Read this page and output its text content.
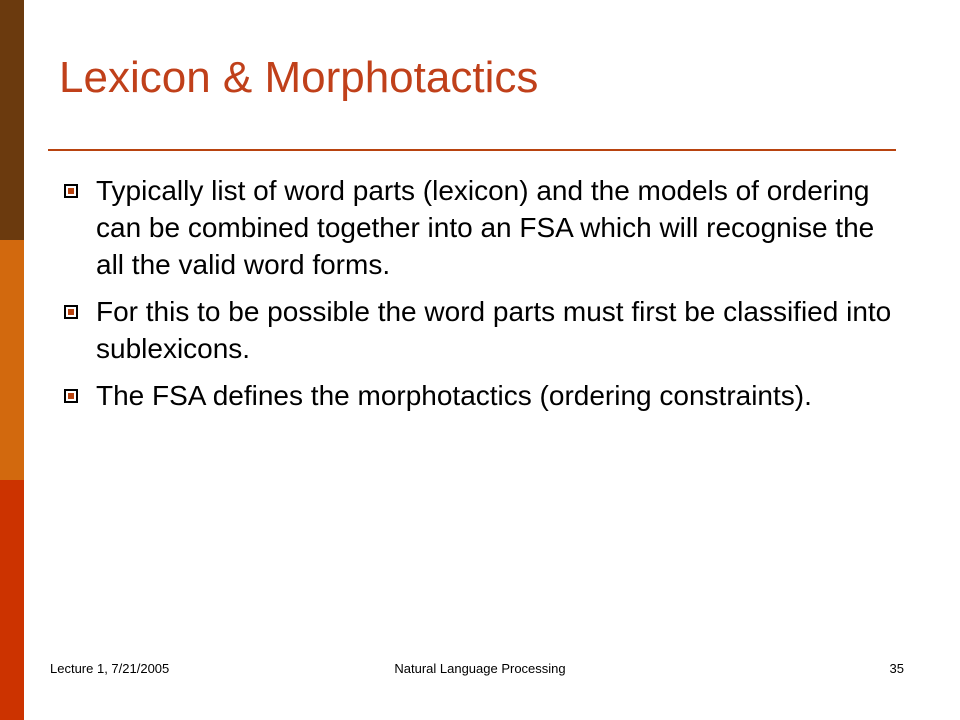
Lexicon & Morphotactics
Typically list of word parts (lexicon) and the models of ordering can be combined together into an FSA which will recognise the all the valid word forms.
For this to be possible the word parts must first be classified into sublexicons.
The FSA defines the morphotactics (ordering constraints).
Lecture 1, 7/21/2005	Natural Language Processing	35
